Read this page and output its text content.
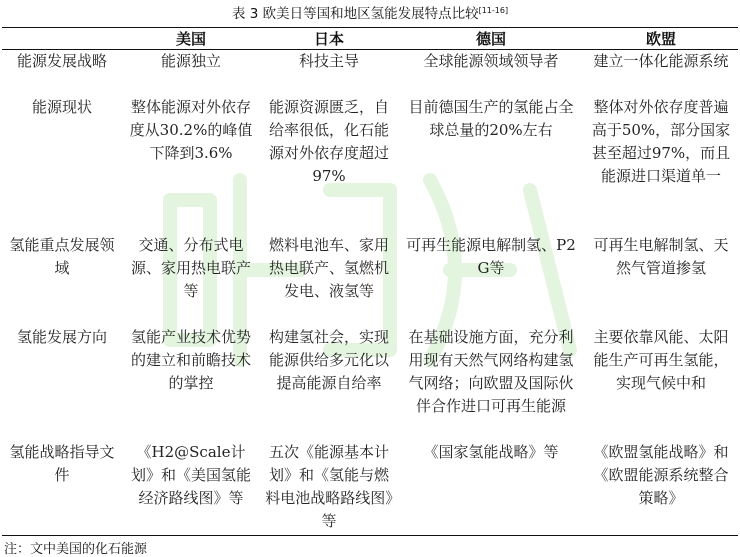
表 3 欧美日等国和地区氢能发展特点比较[11-16]
	美国	日本	德国	欧盟
能源发展战略	能源独立	科技主导	全球能源领域领导者	建立一体化能源系统
能源现状	整体能源对外依存度从30.2%的峰值下降到3.6%	能源资源匮乏，自给率很低，化石能源对外依存度超过97%	目前德国生产的氢能占全球总量的20%左右	整体对外依存度普遍高于50%，部分国家甚至超过97%，而且能源进口渠道单一
氢能重点发展领域	交通、分布式电源、家用热电联产等	燃料电池车、家用热电联产、氢燃机发电、液氢等	可再生能源电解制氢、P2G等	可再生电解制氢、天然气管道掺氢
氢能发展方向	氢能产业技术优势的建立和前瞻技术的掌控	构建氢社会，实现能源供给多元化以提高能源自给率	在基础设施方面，充分利用现有天然气网络构建氢气网络；向欧盟及国际伙伴合作进口可再生能源	主要依靠风能、太阳能生产可再生氢能，实现气候中和
氢能战略指导文件	《H2@Scale计划》和《美国氢能经济路线图》等	五次《能源基本计划》和《氢能与燃料电池战略路线图》等	《国家氢能战略》等	《欧盟氢能战略》和《欧盟能源系统整合策略》
注：文中美国的化石能源
